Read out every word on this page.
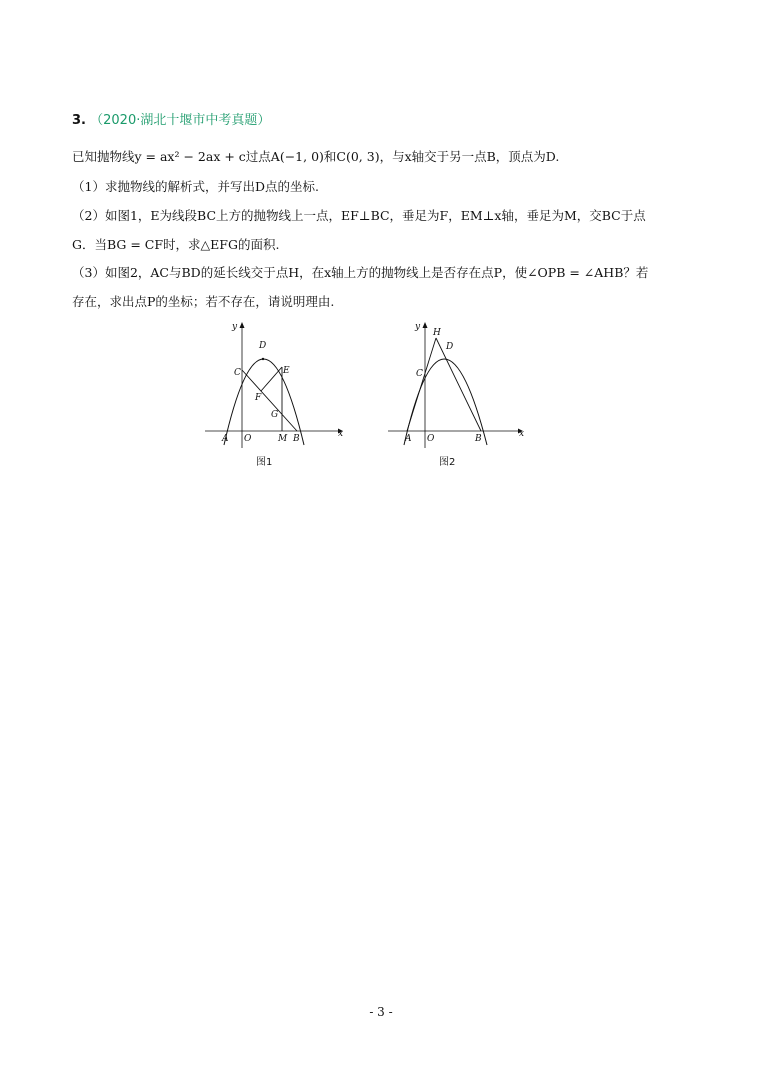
3. （2020·湖北十堰市中考真题）
已知抛物线y = ax² − 2ax + c过点A(−1, 0)和C(0, 3)，与x轴交于另一点B，顶点为D.
（1）求抛物线的解析式，并写出D点的坐标.
（2）如图1，E为线段BC上方的抛物线上一点，EF⊥BC，垂足为F，EM⊥x轴，垂足为M，交BC于点
G．当BG = CF时，求△EFG的面积.
（3）如图2，AC与BD的延长线交于点H，在x轴上方的抛物线上是否存在点P，使∠OPB = ∠AHB？若
存在，求出点P的坐标；若不存在，请说明理由.
y
x
A O	M B
C
D
E
F
G
图1
y
x
A O	B
C
D
H
图2
- 3 -
